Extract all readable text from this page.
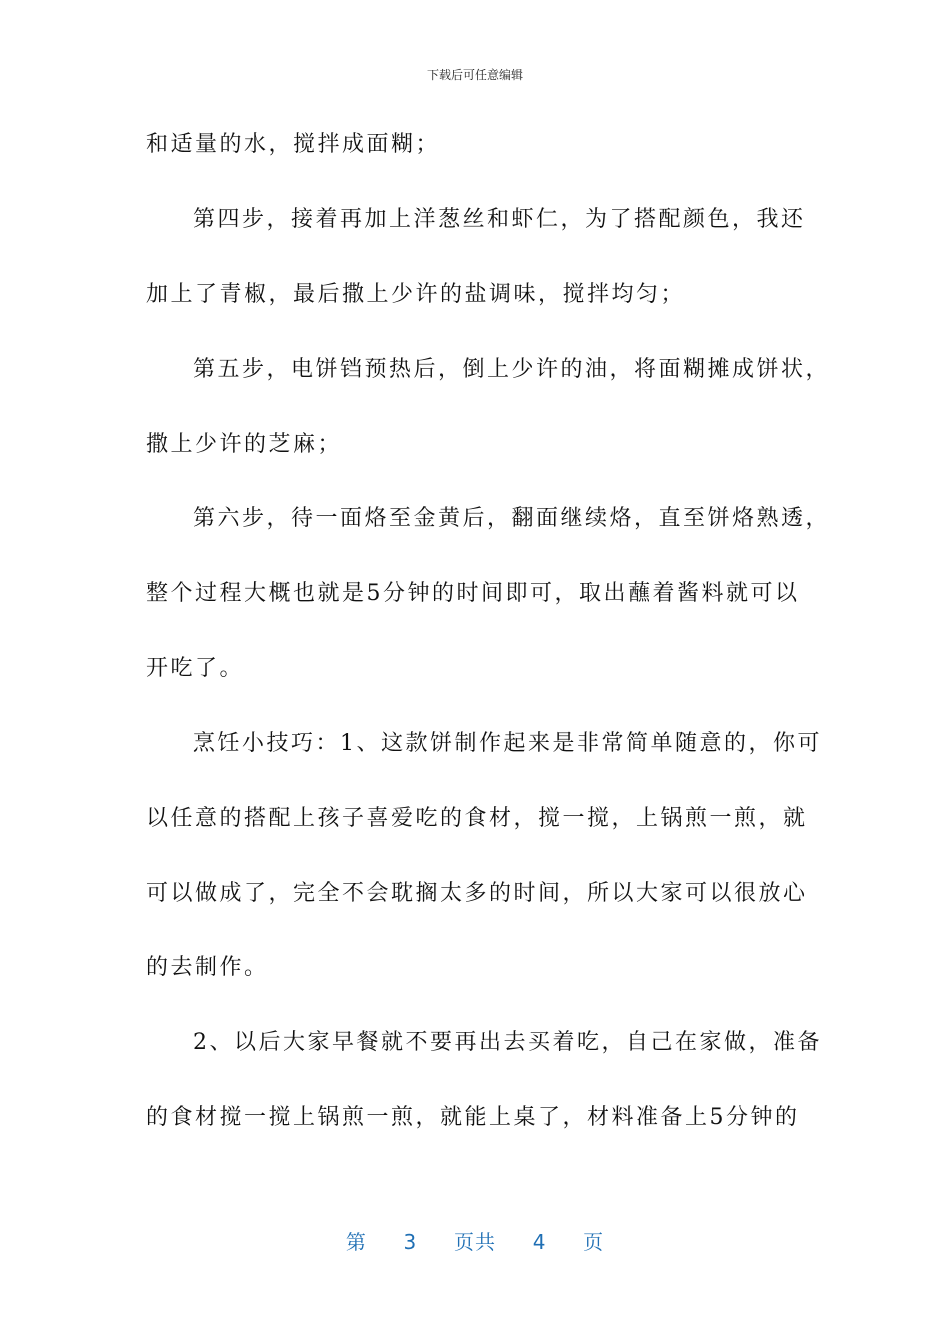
下载后可任意编辑
和适量的水，搅拌成面糊；
第四步，接着再加上洋葱丝和虾仁，为了搭配颜色，我还
加上了青椒，最后撒上少许的盐调味，搅拌均匀；
第五步，电饼铛预热后，倒上少许的油，将面糊摊成饼状，
撒上少许的芝麻；
第六步，待一面烙至金黄后，翻面继续烙，直至饼烙熟透，
整个过程大概也就是5分钟的时间即可，取出蘸着酱料就可以
开吃了。
烹饪小技巧：1、这款饼制作起来是非常简单随意的，你可
以任意的搭配上孩子喜爱吃的食材，搅一搅，上锅煎一煎，就
可以做成了，完全不会耽搁太多的时间，所以大家可以很放心
的去制作。
2、以后大家早餐就不要再出去买着吃，自己在家做，准备
的食材搅一搅上锅煎一煎，就能上桌了，材料准备上5分钟的
第 3 页共 4 页
